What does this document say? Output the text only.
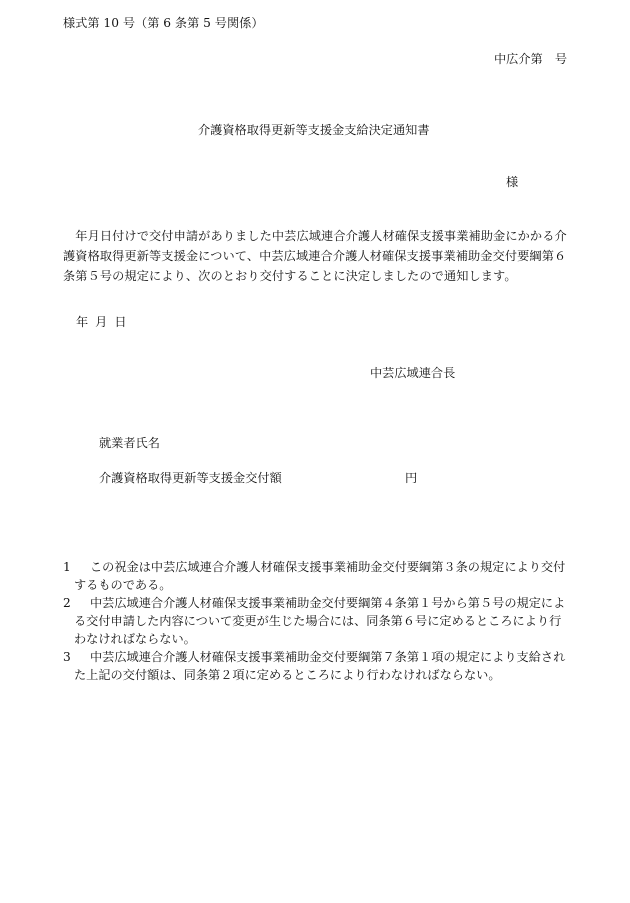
様式第 10 号（第 6 条第 5 号関係）
中広介第　号
介護資格取得更新等支援金支給決定通知書
様
　年月日付けで交付申請がありました中芸広域連合介護人材確保支援事業補助金にかかる介
護資格取得更新等支援金について、中芸広域連合介護人材確保支援事業補助金交付要綱第６
条第５号の規定により、次のとおり交付することに決定しましたので通知します。
年月日
中芸広域連合長
就業者氏名
介護資格取得更新等支援金交付額	円
1	この祝金は中芸広域連合介護人材確保支援事業補助金交付要綱第３条の規定により交付
するものである。
2	中芸広域連合介護人材確保支援事業補助金交付要綱第４条第１号から第５号の規定によ
る交付申請した内容について変更が生じた場合には、同条第６号に定めるところにより行
わなければならない。
3	中芸広域連合介護人材確保支援事業補助金交付要綱第７条第１項の規定により支給され
た上記の交付額は、同条第２項に定めるところにより行わなければならない。
